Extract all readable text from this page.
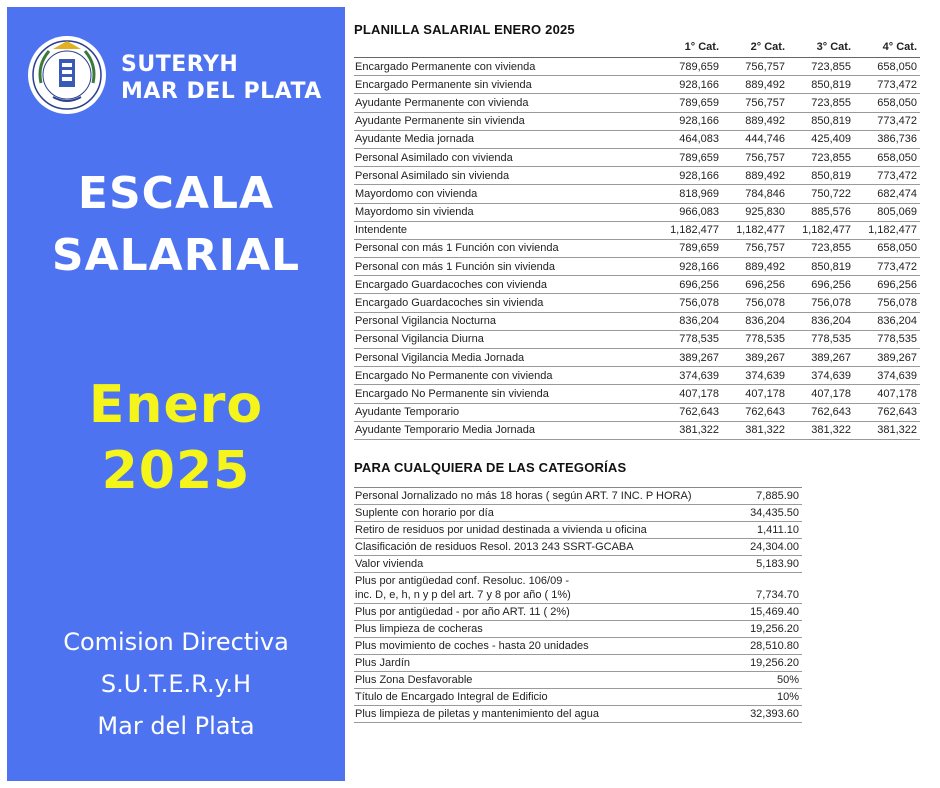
SUTERYH
MAR DEL PLATA
ESCALA
SALARIAL
Enero
2025
Comision Directiva
S.U.T.E.R.y.H
Mar del Plata
PLANILLA SALARIAL ENERO 2025
	1° Cat.	2° Cat.	3° Cat.	4° Cat.
Encargado Permanente con vivienda	789,659	756,757	723,855	658,050
Encargado Permanente sin vivienda	928,166	889,492	850,819	773,472
Ayudante Permanente con vivienda	789,659	756,757	723,855	658,050
Ayudante Permanente sin vivienda	928,166	889,492	850,819	773,472
Ayudante Media jornada	464,083	444,746	425,409	386,736
Personal Asimilado con vivienda	789,659	756,757	723,855	658,050
Personal Asimilado sin vivienda	928,166	889,492	850,819	773,472
Mayordomo con vivienda	818,969	784,846	750,722	682,474
Mayordomo sin vivienda	966,083	925,830	885,576	805,069
Intendente	1,182,477	1,182,477	1,182,477	1,182,477
Personal con más 1 Función con vivienda	789,659	756,757	723,855	658,050
Personal con más 1 Función sin vivienda	928,166	889,492	850,819	773,472
Encargado Guardacoches con vivienda	696,256	696,256	696,256	696,256
Encargado Guardacoches sin vivienda	756,078	756,078	756,078	756,078
Personal Vigilancia Nocturna	836,204	836,204	836,204	836,204
Personal Vigilancia Diurna	778,535	778,535	778,535	778,535
Personal Vigilancia Media Jornada	389,267	389,267	389,267	389,267
Encargado No Permanente con vivienda	374,639	374,639	374,639	374,639
Encargado No Permanente sin vivienda	407,178	407,178	407,178	407,178
Ayudante Temporario	762,643	762,643	762,643	762,643
Ayudante Temporario Media Jornada	381,322	381,322	381,322	381,322
PARA CUALQUIERA DE LAS CATEGORÍAS
Personal Jornalizado no más 18 horas ( según ART. 7 INC. P HORA)	7,885.90

Suplente con horario por día	34,435.50

Retiro de residuos por unidad destinada a vivienda u oficina	1,411.10

Clasificación de residuos Resol. 2013 243 SSRT-GCABA	24,304.00

Valor vivienda	5,183.90

Plus por antigüedad conf. Resoluc. 106/09 -
inc. D, e, h, n y p del art. 7 y 8 por año ( 1%)	7,734.70

Plus por antigüedad - por año ART. 11 ( 2%)	15,469.40

Plus limpieza de cocheras	19,256.20

Plus movimiento de coches - hasta 20 unidades	28,510.80

Plus Jardín	19,256.20

Plus Zona Desfavorable	50%

Título de Encargado Integral de Edificio	10%

Plus limpieza de piletas y mantenimiento del agua	32,393.60
